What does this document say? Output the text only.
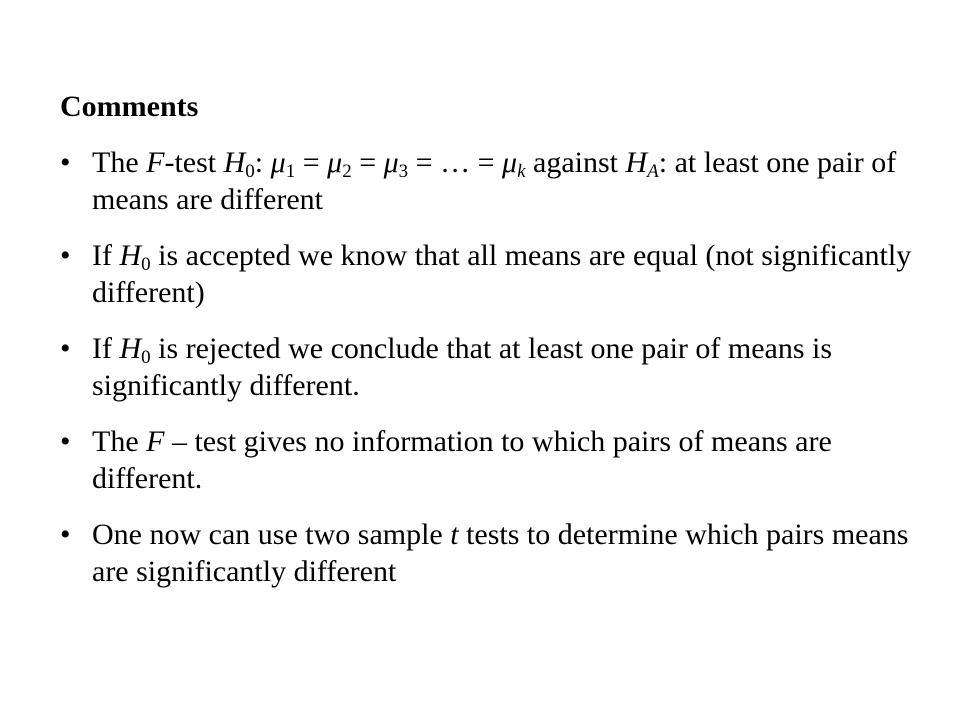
Comments
• The F-test $H_0$: $\mu_1 = \mu_2 = \mu_3$ = … = $\mu_k$ against $H_A$: at least one pair of means are different
• If $H_0$ is accepted we know that all means are equal (not significantly different)
• If $H_0$ is rejected we conclude that at least one pair of means is significantly different.
• The F – test gives no information to which pairs of means are different.
• One now can use two sample t tests to determine which pairs means are significantly different
